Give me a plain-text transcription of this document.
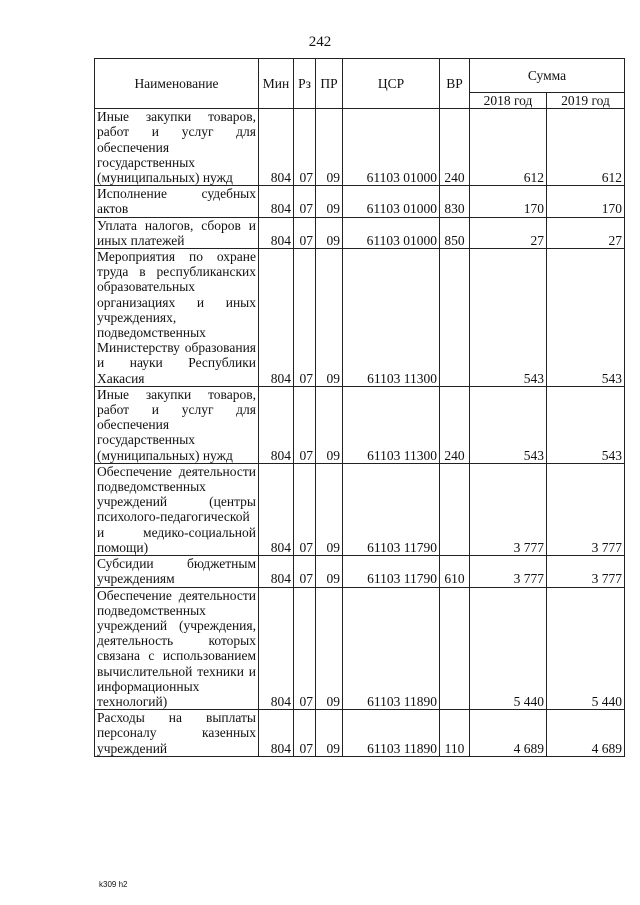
242
Наименование	Мин	Рз	ПР	ЦСР	ВР	Сумма	
						2018 год	2019 год
Иные закупки товаров, работ и услуг для обеспечения государственных (муниципальных) нужд	804	07	09	61103 01000	240	612	612
Исполнение судебных актов	804	07	09	61103 01000	830	170	170
Уплата налогов, сборов и иных платежей	804	07	09	61103 01000	850	27	27
Мероприятия по охране труда в республиканских образовательных организациях и иных учреждениях, подведомственных Министерству образования и науки Республики Хакасия	804	07	09	61103 11300		543	543
Иные закупки товаров, работ и услуг для обеспечения государственных (муниципальных) нужд	804	07	09	61103 11300	240	543	543
Обеспечение деятельности подведомственных учреждений (центры психолого-педагогической и медико-социальной помощи)	804	07	09	61103 11790		3 777	3 777
Субсидии бюджетным учреждениям	804	07	09	61103 11790	610	3 777	3 777
Обеспечение деятельности подведомственных учреждений (учреждения, деятельность которых связана с использованием вычислительной техники и информационных технологий)	804	07	09	61103 11890		5 440	5 440
Расходы на выплаты персоналу казенных учреждений	804	07	09	61103 11890	110	4 689	4 689
k309 h2
